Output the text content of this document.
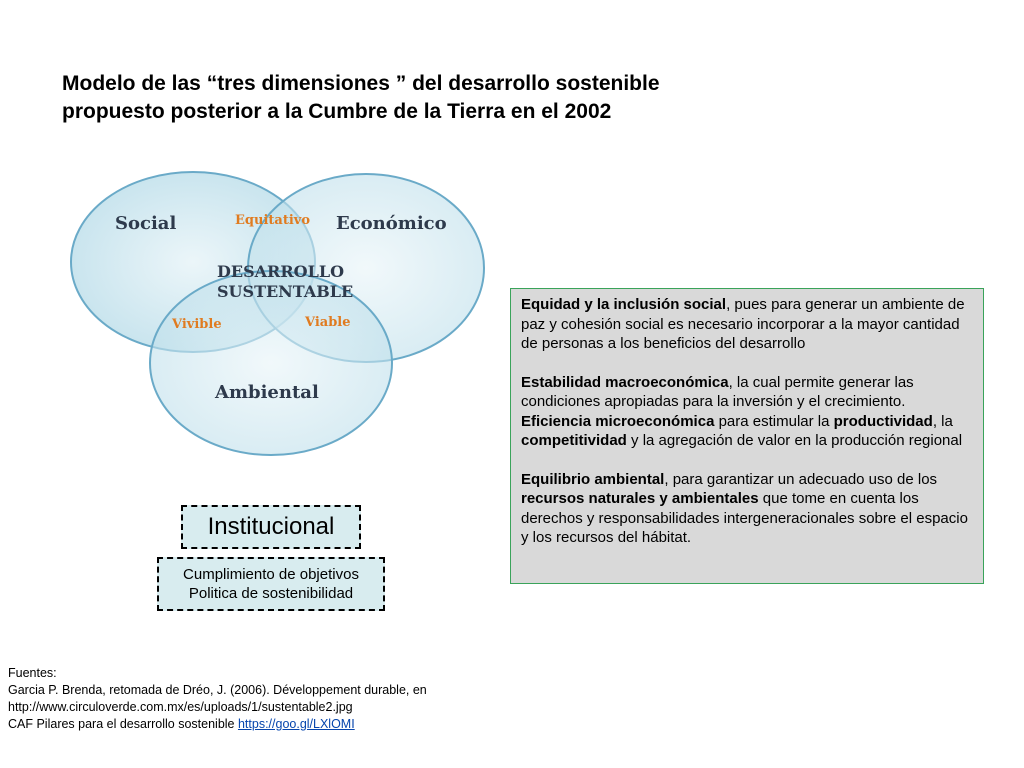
Modelo de las “tres dimensiones ” del desarrollo sostenible
propuesto posterior a la Cumbre de la Tierra en el 2002
Social	Económico
Ambiental
DESARROLLO
SUSTENTABLE
Equitativo
Vivible	Viable
Institucional
Cumplimiento de objetivos
Politica de sostenibilidad

Equidad y la inclusión social, pues para generar un ambiente de paz y cohesión social es necesario incorporar a la mayor cantidad de personas a los beneficios del desarrollo

Estabilidad macroeconómica, la cual permite generar las condiciones apropiadas para la inversión y el crecimiento.

Eficiencia microeconómica para estimular la productividad, la competitividad y la agregación de valor en la producción regional

Equilibrio ambiental, para garantizar un adecuado uso de los recursos naturales y ambientales que tome en cuenta los derechos y responsabilidades intergeneracionales sobre el espacio y los recursos del hábitat.

Fuentes:
Garcia P. Brenda, retomada de Dréo, J. (2006). Développement durable, en
http://www.circuloverde.com.mx/es/uploads/1/sustentable2.jpg
CAF Pilares para el desarrollo sostenible https://goo.gl/LXlOMI
